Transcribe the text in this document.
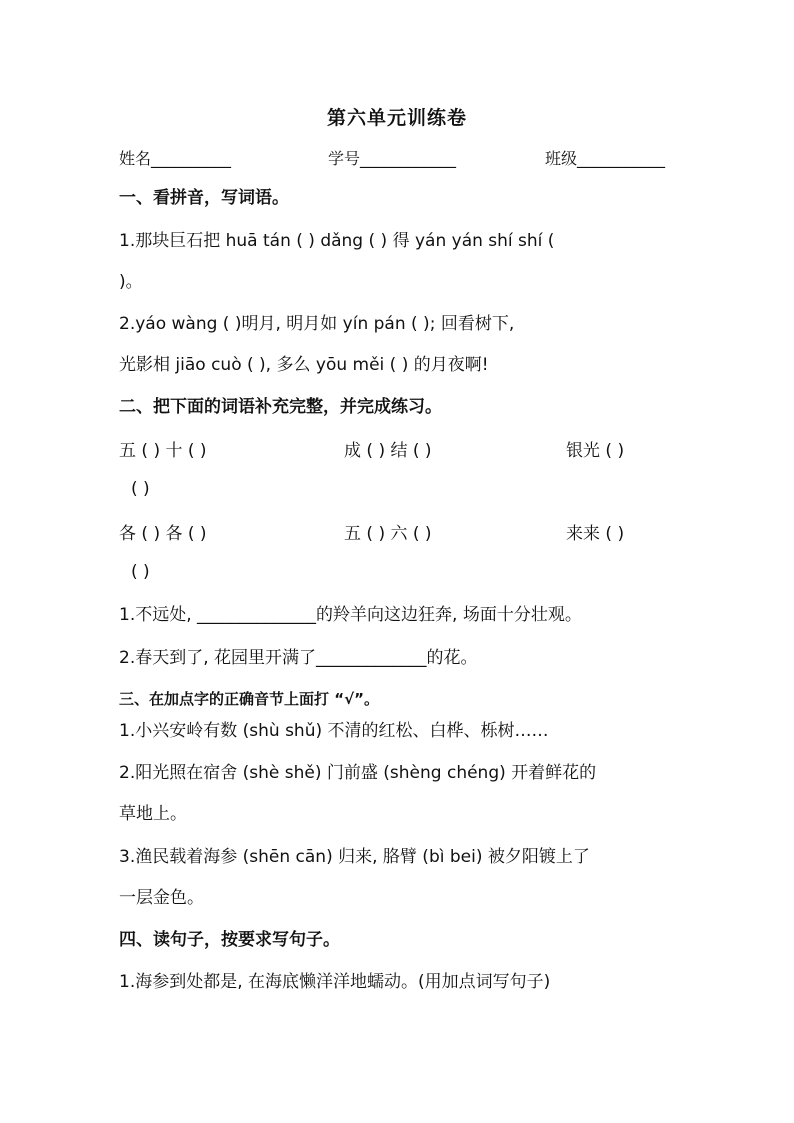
第六单元训练卷
姓名__________	学号____________	班级___________
一、看拼音，写词语。
1.那块巨石把 huā tán ( ) dǎng ( ) 得 yán yán shí shí (
)。
2.yáo wàng ( )明月, 明月如 yín pán ( ); 回看树下,
光影相 jiāo cuò ( ), 多么 yōu měi ( ) 的月夜啊!
二、把下面的词语补充完整，并完成练习。
五 ( ) 十 ( )	成 ( ) 结 ( )	银光 ( )
( )
各 ( ) 各 ( )	五 ( ) 六 ( )	来来 ( )
( )
1.不远处, ______________的羚羊向这边狂奔, 场面十分壮观。
2.春天到了, 花园里开满了_____________的花。
三、在加点字的正确音节上面打 “√”。
1.小兴安岭有数 (shù shǔ) 不清的红松、白桦、栎树……
2.阳光照在宿舍 (shè shě) 门前盛 (shèng chéng) 开着鲜花的
草地上。
3.渔民载着海参 (shēn cān) 归来, 胳臂 (bì bei) 被夕阳镀上了
一层金色。
四、读句子，按要求写句子。
1.海参到处都是, 在海底懒洋洋地蠕动。(用加点词写句子)
